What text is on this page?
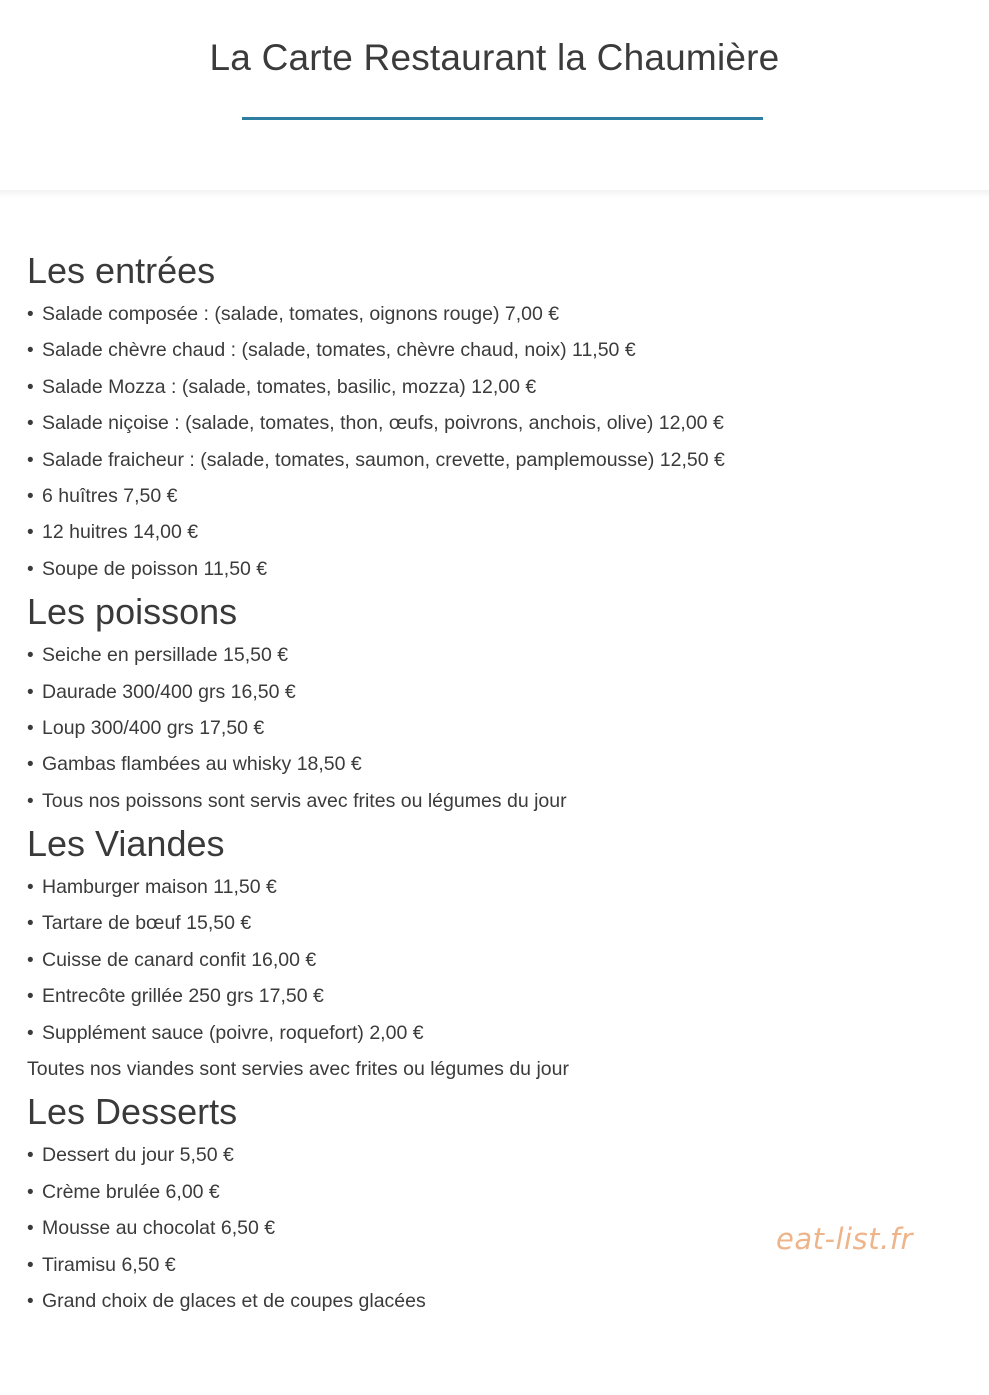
La Carte Restaurant la Chaumière
Les entrées
• Salade composée : (salade, tomates, oignons rouge) 7,00 €
• Salade chèvre chaud : (salade, tomates, chèvre chaud, noix) 11,50 €
• Salade Mozza : (salade, tomates, basilic, mozza) 12,00 €
• Salade niçoise : (salade, tomates, thon, œufs, poivrons, anchois, olive) 12,00 €
• Salade fraicheur : (salade, tomates, saumon, crevette, pamplemousse) 12,50 €
• 6 huîtres 7,50 €
• 12 huitres 14,00 €
• Soupe de poisson 11,50 €
Les poissons
• Seiche en persillade 15,50 €
• Daurade 300/400 grs 16,50 €
• Loup 300/400 grs 17,50 €
• Gambas flambées au whisky 18,50 €
• Tous nos poissons sont servis avec frites ou légumes du jour
Les Viandes
• Hamburger maison 11,50 €
• Tartare de bœuf 15,50 €
• Cuisse de canard confit 16,00 €
• Entrecôte grillée 250 grs 17,50 €
• Supplément sauce (poivre, roquefort) 2,00 €
Toutes nos viandes sont servies avec frites ou légumes du jour
Les Desserts
• Dessert du jour 5,50 €
• Crème brulée 6,00 €
• Mousse au chocolat 6,50 €
• Tiramisu 6,50 €
• Grand choix de glaces et de coupes glacées
eat-list.fr
